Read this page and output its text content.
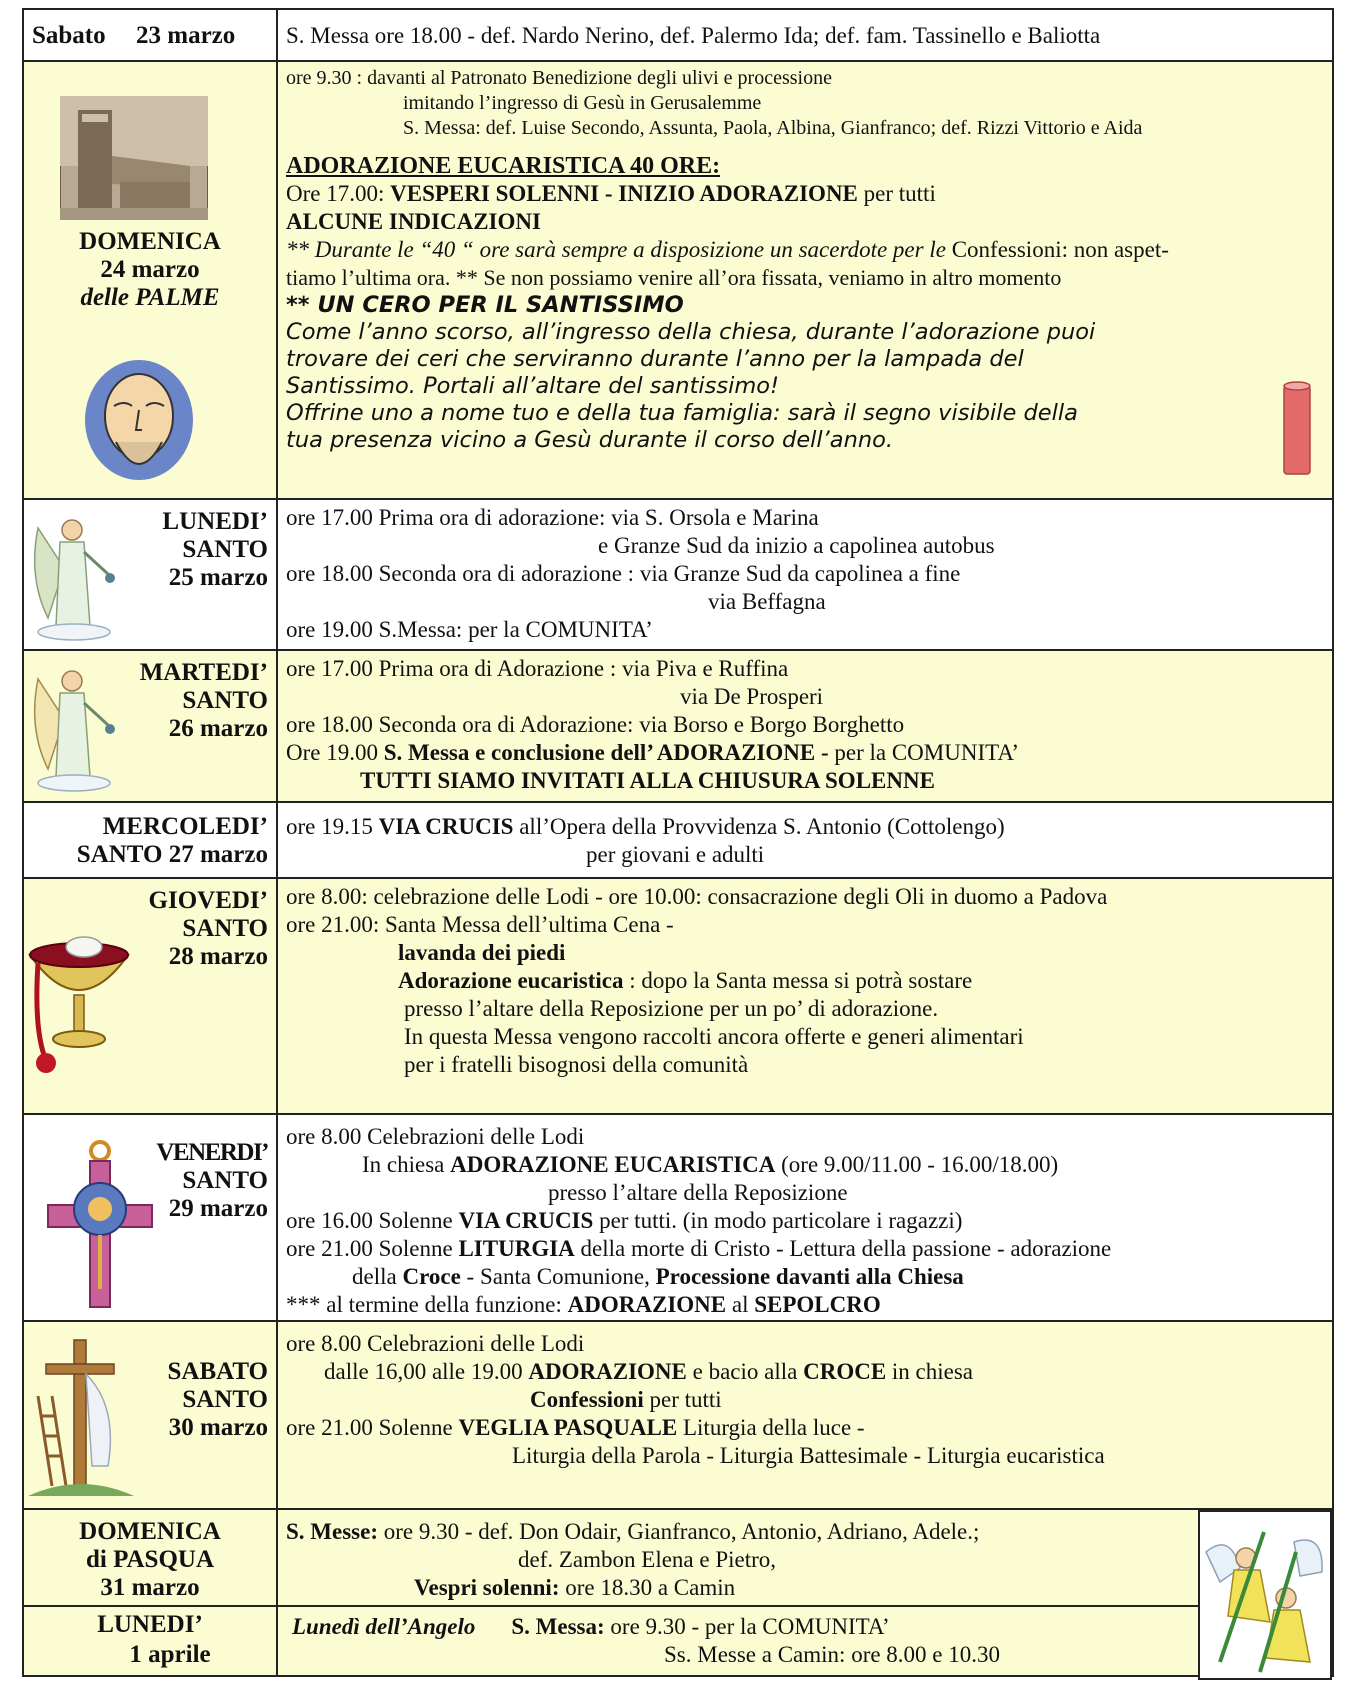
Sabato 23 marzo S. Messa ore 18.00 - def. Nardo Nerino, def. Palermo Ida; def. fam. Tassinello e Baliotta
DOMENICA
24 marzo
delle PALME
ore 9.30 : davanti al Patronato Benedizione degli ulivi e processione
imitando l’ingresso di Gesù in Gerusalemme
S. Messa: def. Luise Secondo, Assunta, Paola, Albina, Gianfranco; def. Rizzi Vittorio e Aida
ADORAZIONE EUCARISTICA 40 ORE:
Ore 17.00: VESPERI SOLENNI - INIZIO ADORAZIONE per tutti
ALCUNE INDICAZIONI
** Durante le “40 “ ore sarà sempre a disposizione un sacerdote per le Confessioni: non aspet-
tiamo l’ultima ora. ** Se non possiamo venire all’ora fissata, veniamo in altro momento
** UN CERO PER IL SANTISSIMO
Come l’anno scorso, all’ingresso della chiesa, durante l’adorazione puoi
trovare dei ceri che serviranno durante l’anno per la lampada del
Santissimo. Portali all’altare del santissimo!
Offrine uno a nome tuo e della tua famiglia: sarà il segno visibile della
tua presenza vicino a Gesù durante il corso dell’anno.
LUNEDI’
SANTO
25 marzo
ore 17.00 Prima ora di adorazione: via S. Orsola e Marina
e Granze Sud da inizio a capolinea autobus
ore 18.00 Seconda ora di adorazione : via Granze Sud da capolinea a fine
via Beffagna
ore 19.00 S.Messa: per la COMUNITA’
MARTEDI’
SANTO
26 marzo
ore 17.00 Prima ora di Adorazione : via Piva e Ruffina
via De Prosperi
ore 18.00 Seconda ora di Adorazione: via Borso e Borgo Borghetto
Ore 19.00 S. Messa e conclusione dell’ ADORAZIONE - per la COMUNITA’
TUTTI SIAMO INVITATI ALLA CHIUSURA SOLENNE
MERCOLEDI’
SANTO 27 marzo
ore 19.15 VIA CRUCIS all’Opera della Provvidenza S. Antonio (Cottolengo)
per giovani e adulti
GIOVEDI’
SANTO
28 marzo
ore 8.00: celebrazione delle Lodi - ore 10.00: consacrazione degli Oli in duomo a Padova
ore 21.00: Santa Messa dell’ultima Cena -
lavanda dei piedi
Adorazione eucaristica : dopo la Santa messa si potrà sostare
presso l’altare della Reposizione per un po’ di adorazione.
In questa Messa vengono raccolti ancora offerte e generi alimentari
per i fratelli bisognosi della comunità
VENERDI’
SANTO
29 marzo
ore 8.00 Celebrazioni delle Lodi
In chiesa ADORAZIONE EUCARISTICA (ore 9.00/11.00 - 16.00/18.00)
presso l’altare della Reposizione
ore 16.00 Solenne VIA CRUCIS per tutti. (in modo particolare i ragazzi)
ore 21.00 Solenne LITURGIA della morte di Cristo - Lettura della passione - adorazione
della Croce - Santa Comunione, Processione davanti alla Chiesa
*** al termine della funzione: ADORAZIONE al SEPOLCRO
SABATO
SANTO
30 marzo
ore 8.00 Celebrazioni delle Lodi
dalle 16,00 alle 19.00 ADORAZIONE e bacio alla CROCE in chiesa
Confessioni per tutti
ore 21.00 Solenne VEGLIA PASQUALE Liturgia della luce -
Liturgia della Parola - Liturgia Battesimale - Liturgia eucaristica
DOMENICA
di PASQUA
31 marzo
S. Messe: ore 9.30 - def. Don Odair, Gianfranco, Antonio, Adriano, Adele.;
def. Zambon Elena e Pietro,
Vespri solenni: ore 18.30 a Camin
LUNEDI’
1 aprile
Lunedì dell’Angelo S. Messa: ore 9.30 - per la COMUNITA’
Ss. Messe a Camin: ore 8.00 e 10.30
